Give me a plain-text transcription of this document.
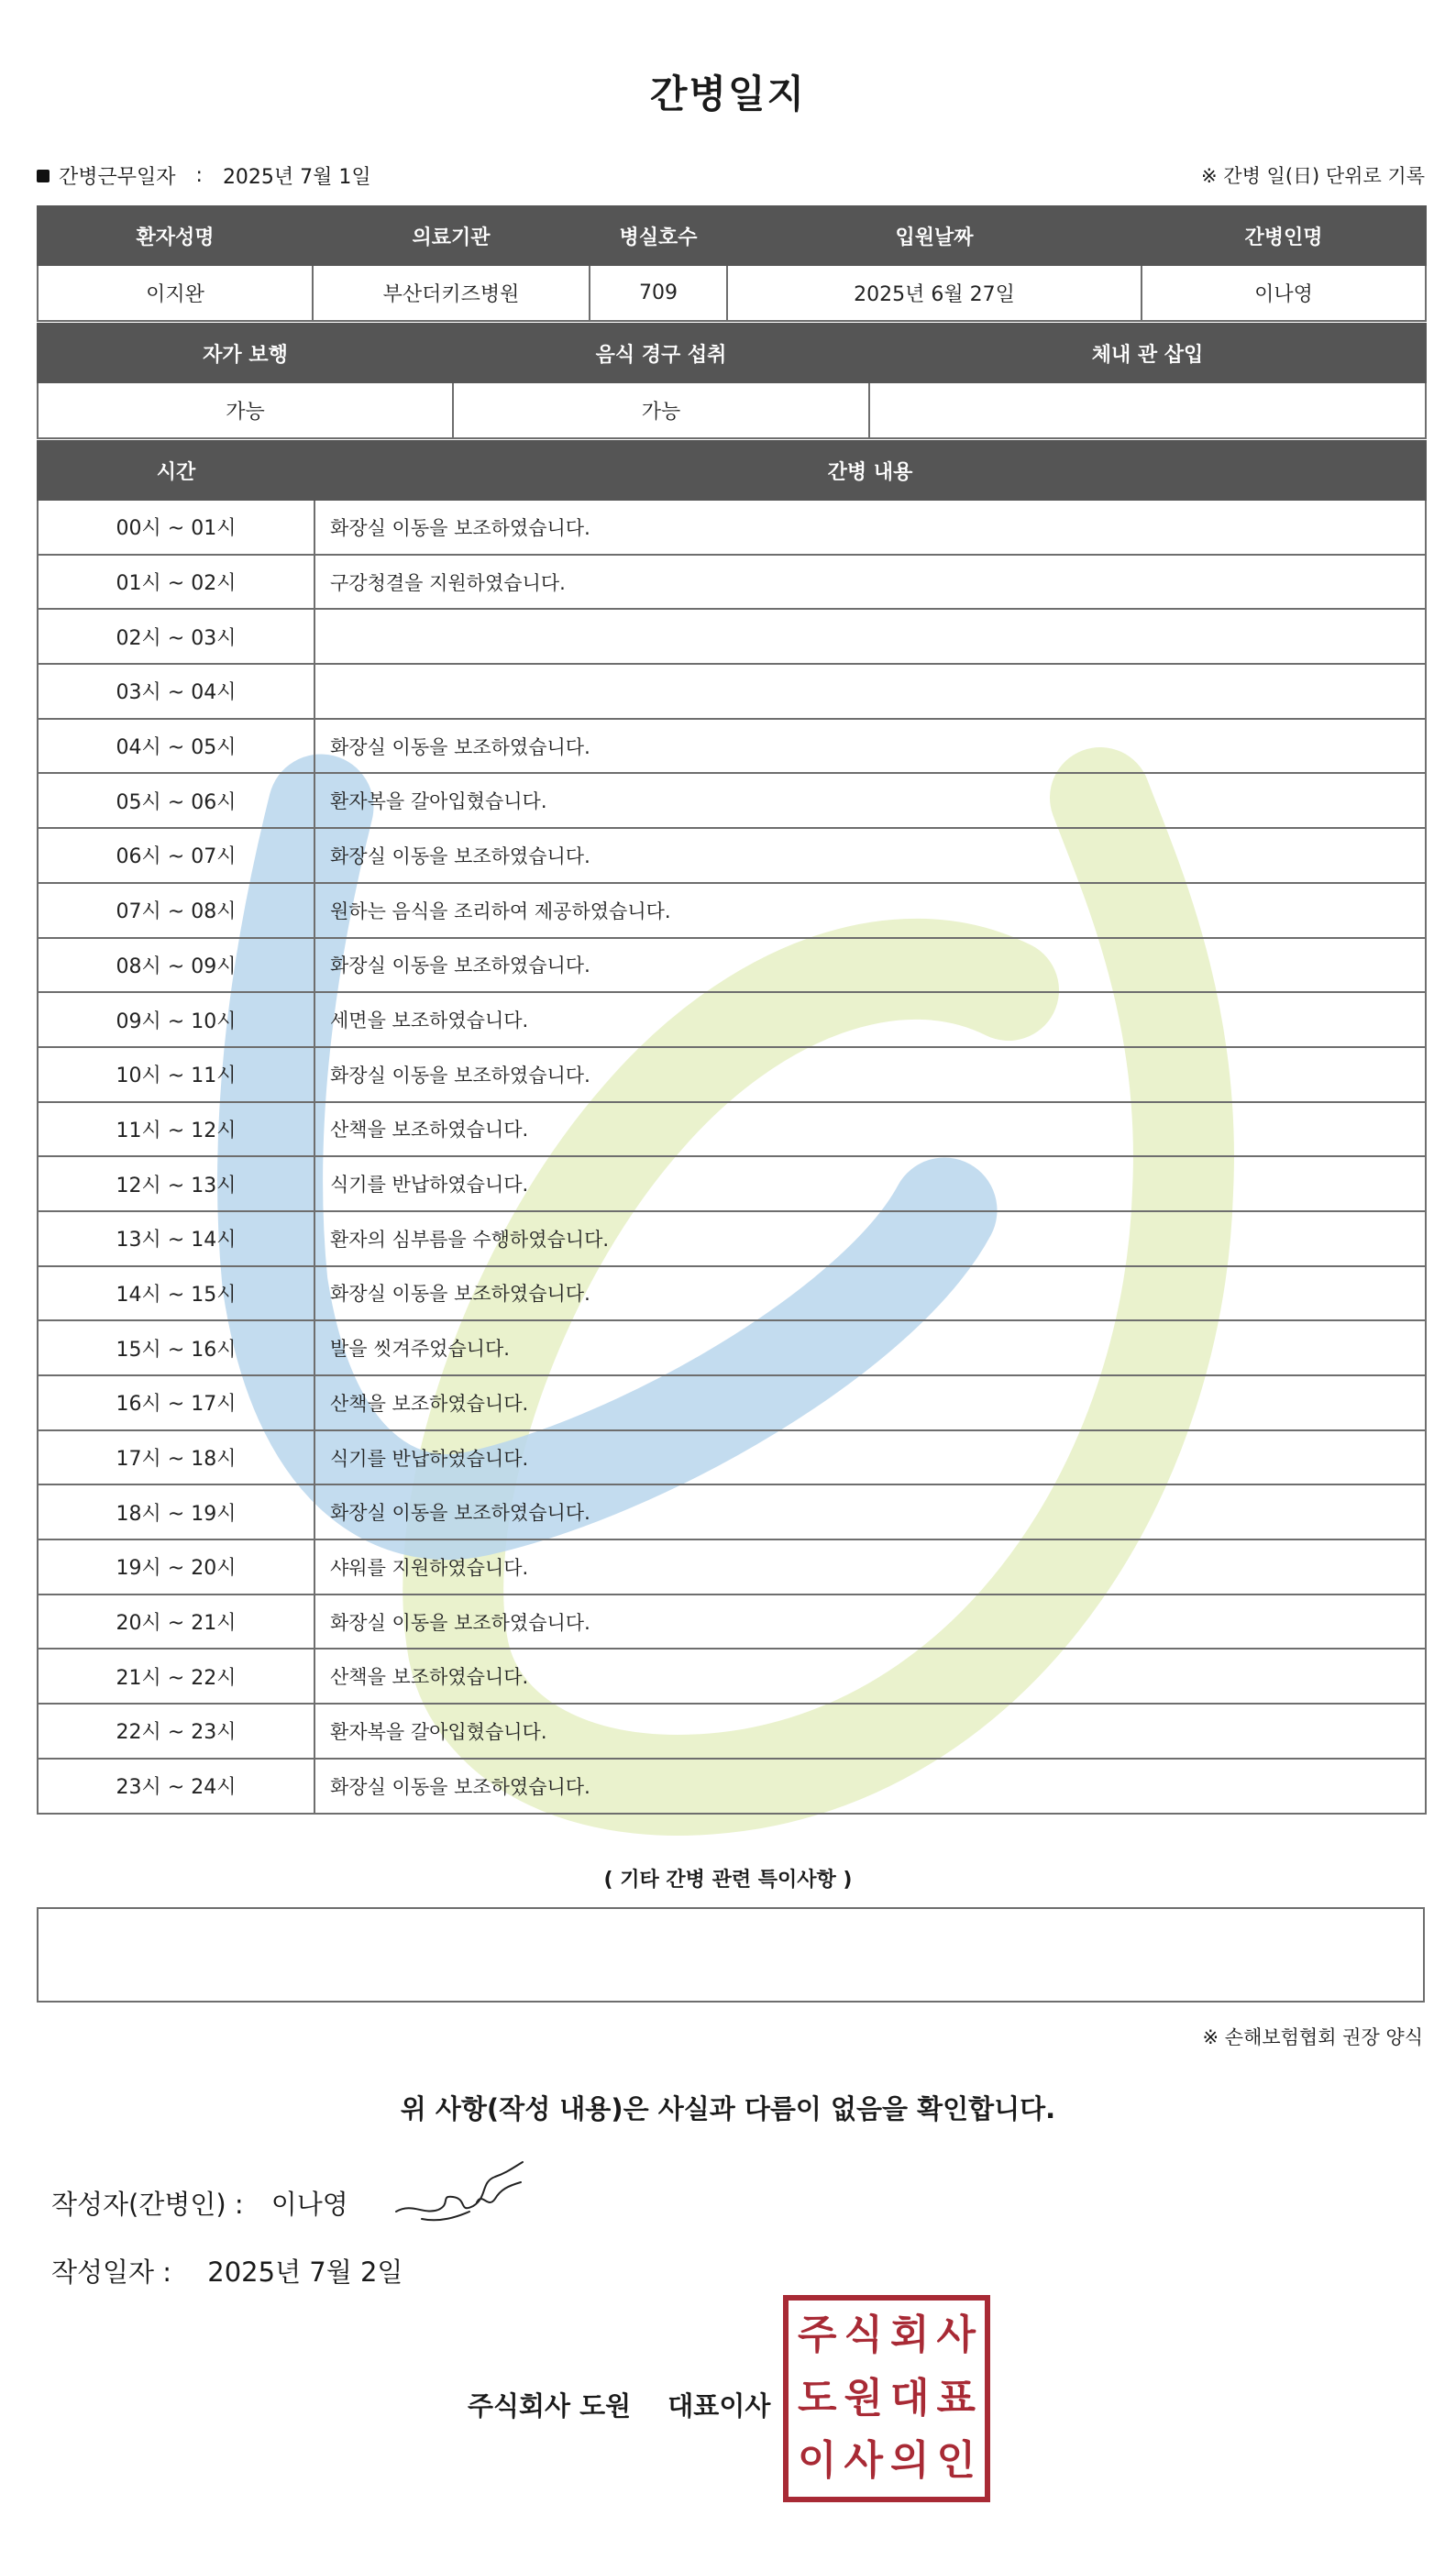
간병일지
간병근무일자 : 2025년 7월 1일	※ 간병 일(日) 단위로 기록
환자성명	의료기관	병실호수	입원날짜	간병인명
이지완	부산더키즈병원	709	2025년 6월 27일	이나영
자가 보행	음식 경구 섭취	체내 관 삽입
가능	가능	
시간	간병 내용
00시 ~ 01시	화장실 이동을 보조하였습니다.
01시 ~ 02시	구강청결을 지원하였습니다.
02시 ~ 03시	
03시 ~ 04시	
04시 ~ 05시	화장실 이동을 보조하였습니다.
05시 ~ 06시	환자복을 갈아입혔습니다.
06시 ~ 07시	화장실 이동을 보조하였습니다.
07시 ~ 08시	원하는 음식을 조리하여 제공하였습니다.
08시 ~ 09시	화장실 이동을 보조하였습니다.
09시 ~ 10시	세면을 보조하였습니다.
10시 ~ 11시	화장실 이동을 보조하였습니다.
11시 ~ 12시	산책을 보조하였습니다.
12시 ~ 13시	식기를 반납하였습니다.
13시 ~ 14시	환자의 심부름을 수행하였습니다.
14시 ~ 15시	화장실 이동을 보조하였습니다.
15시 ~ 16시	발을 씻겨주었습니다.
16시 ~ 17시	산책을 보조하였습니다.
17시 ~ 18시	식기를 반납하였습니다.
18시 ~ 19시	화장실 이동을 보조하였습니다.
19시 ~ 20시	샤워를 지원하였습니다.
20시 ~ 21시	화장실 이동을 보조하였습니다.
21시 ~ 22시	산책을 보조하였습니다.
22시 ~ 23시	환자복을 갈아입혔습니다.
23시 ~ 24시	화장실 이동을 보조하였습니다.
( 기타 간병 관련 특이사항 )
※ 손해보험협회 권장 양식
위 사항(작성 내용)은 사실과 다름이 없음을 확인합니다.
작성자(간병인) : 이나영
작성일자 : 2025년 7월 2일
주식회사 도원 대표이사
주 식 회 사
도 원 대 표
이 사 의 인
